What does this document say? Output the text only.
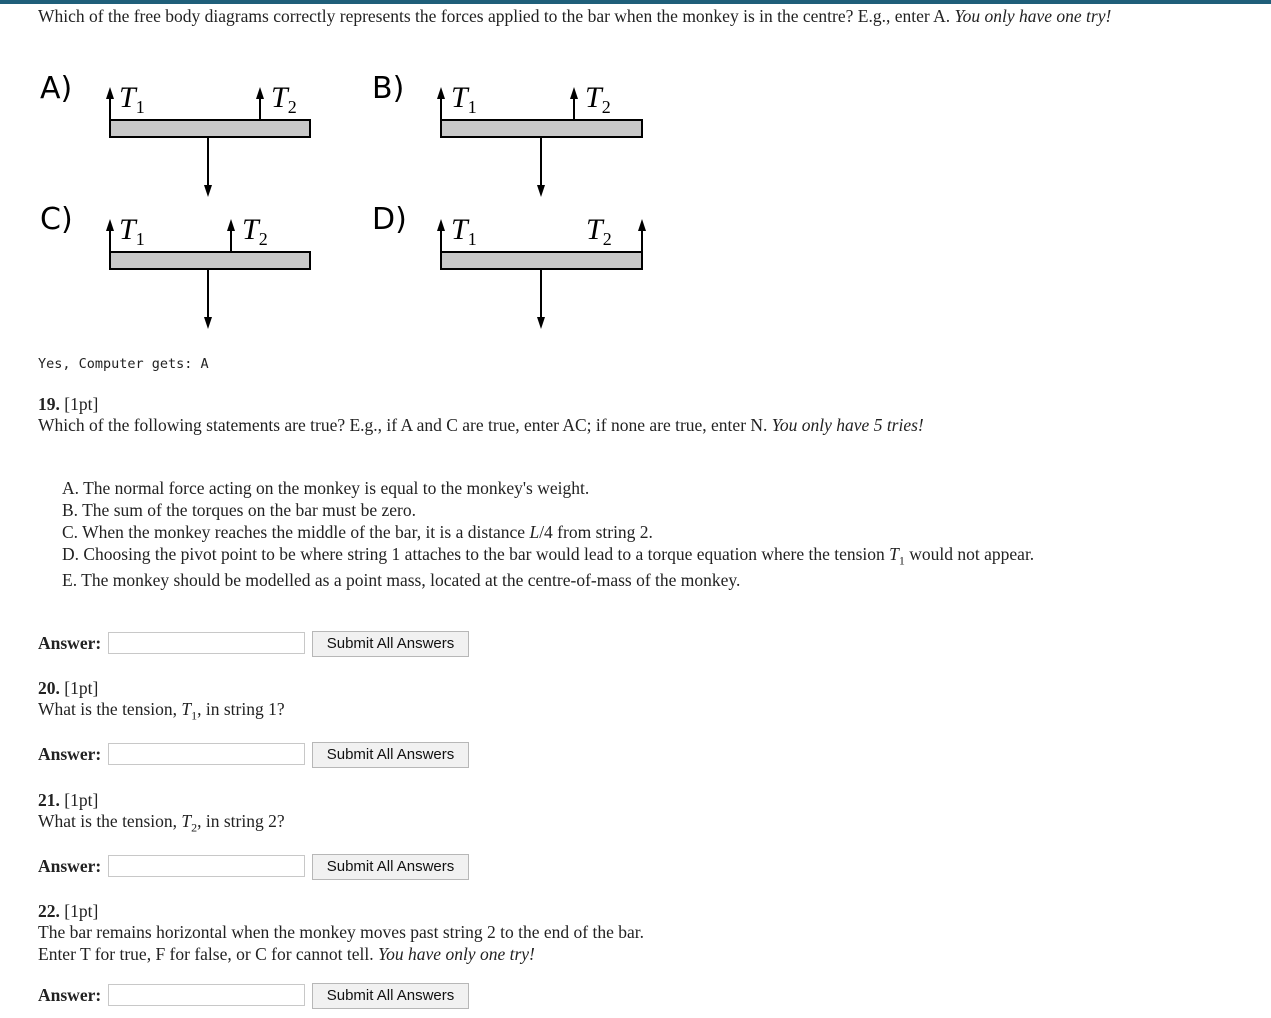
Which of the free body diagrams correctly represents the forces applied to the bar when the monkey is in the centre? E.g., enter A. You only have one try!
A) $T_1$	$T_2$
B) $T_1$	$T_2$
C) $T_1$	$T_2$
D) $T_1$	$T_2$
Yes, Computer gets: A
19. [1pt]
Which of the following statements are true? E.g., if A and C are true, enter AC; if none are true, enter N. You only have 5 tries!
A. The normal force acting on the monkey is equal to the monkey's weight.
B. The sum of the torques on the bar must be zero.
C. When the monkey reaches the middle of the bar, it is a distance L/4 from string 2.
D. Choosing the pivot point to be where string 1 attaches to the bar would lead to a torque equation where the tension $T_1$ would not appear.
E. The monkey should be modelled as a point mass, located at the centre-of-mass of the monkey.
Answer:	Submit All Answers
20. [1pt]
What is the tension, $T_1$, in string 1?
Answer:	Submit All Answers
21. [1pt]
What is the tension, $T_2$, in string 2?
Answer:	Submit All Answers
22. [1pt]
The bar remains horizontal when the monkey moves past string 2 to the end of the bar.
Enter T for true, F for false, or C for cannot tell. You have only one try!
Answer:	Submit All Answers
